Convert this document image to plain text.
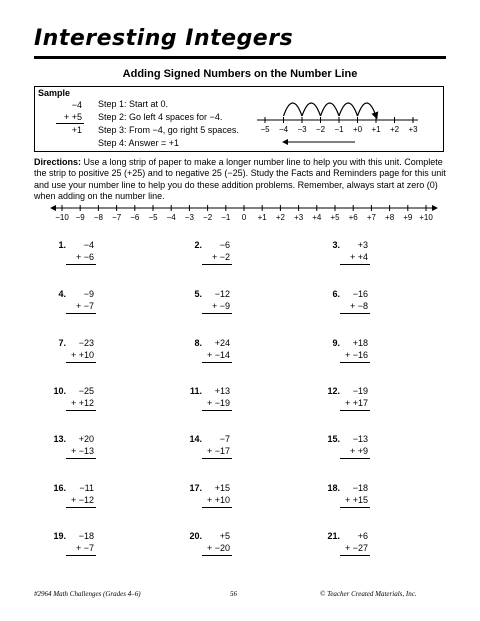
Interesting Integers
Adding Signed Numbers on the Number Line
Sample
−4
+ +5
+1
Step 1: Start at 0.
Step 2: Go left 4 spaces for −4.
Step 3: From −4, go right 5 spaces.
Step 4: Answer = +1
−5 −4 −3 −2 −1 +0 +1 +2 +3
Directions: Use a long strip of paper to make a longer number line to help you with this unit. Complete the strip to positive 25 (+25) and to negative 25 (−25). Study the Facts and Reminders page for this unit and use your number line to help you do these addition problems. Remember, always start at zero (0) when adding on the number line.
−10 −9 −8 −7 −6 −5 −4 −3 −2 −1 0 +1 +2 +3 +4 +5 +6 +7 +8 +9 +10
1.	−4
+ −6
2.	−6
+ −2
3.	+3
+ +4
4.	−9
+ −7
5.	−12
+ −9
6.	−16
+ −8
7.	−23
+ +10
8.	+24
+ −14
9.	+18
+ −16
10.	−25
+ +12
11.	+13
+ −19
12.	−19
+ +17
13.	+20
+ −13
14.	−7
+ −17
15.	−13
+ +9
16.	−11
+ −12
17.	+15
+ +10
18.	−18
+ +15
19.	−18
+ −7
20.	+5
+ −20
21.	+6
+ −27
#2964 Math Challenges (Grades 4–6)	56	© Teacher Created Materials, Inc.
